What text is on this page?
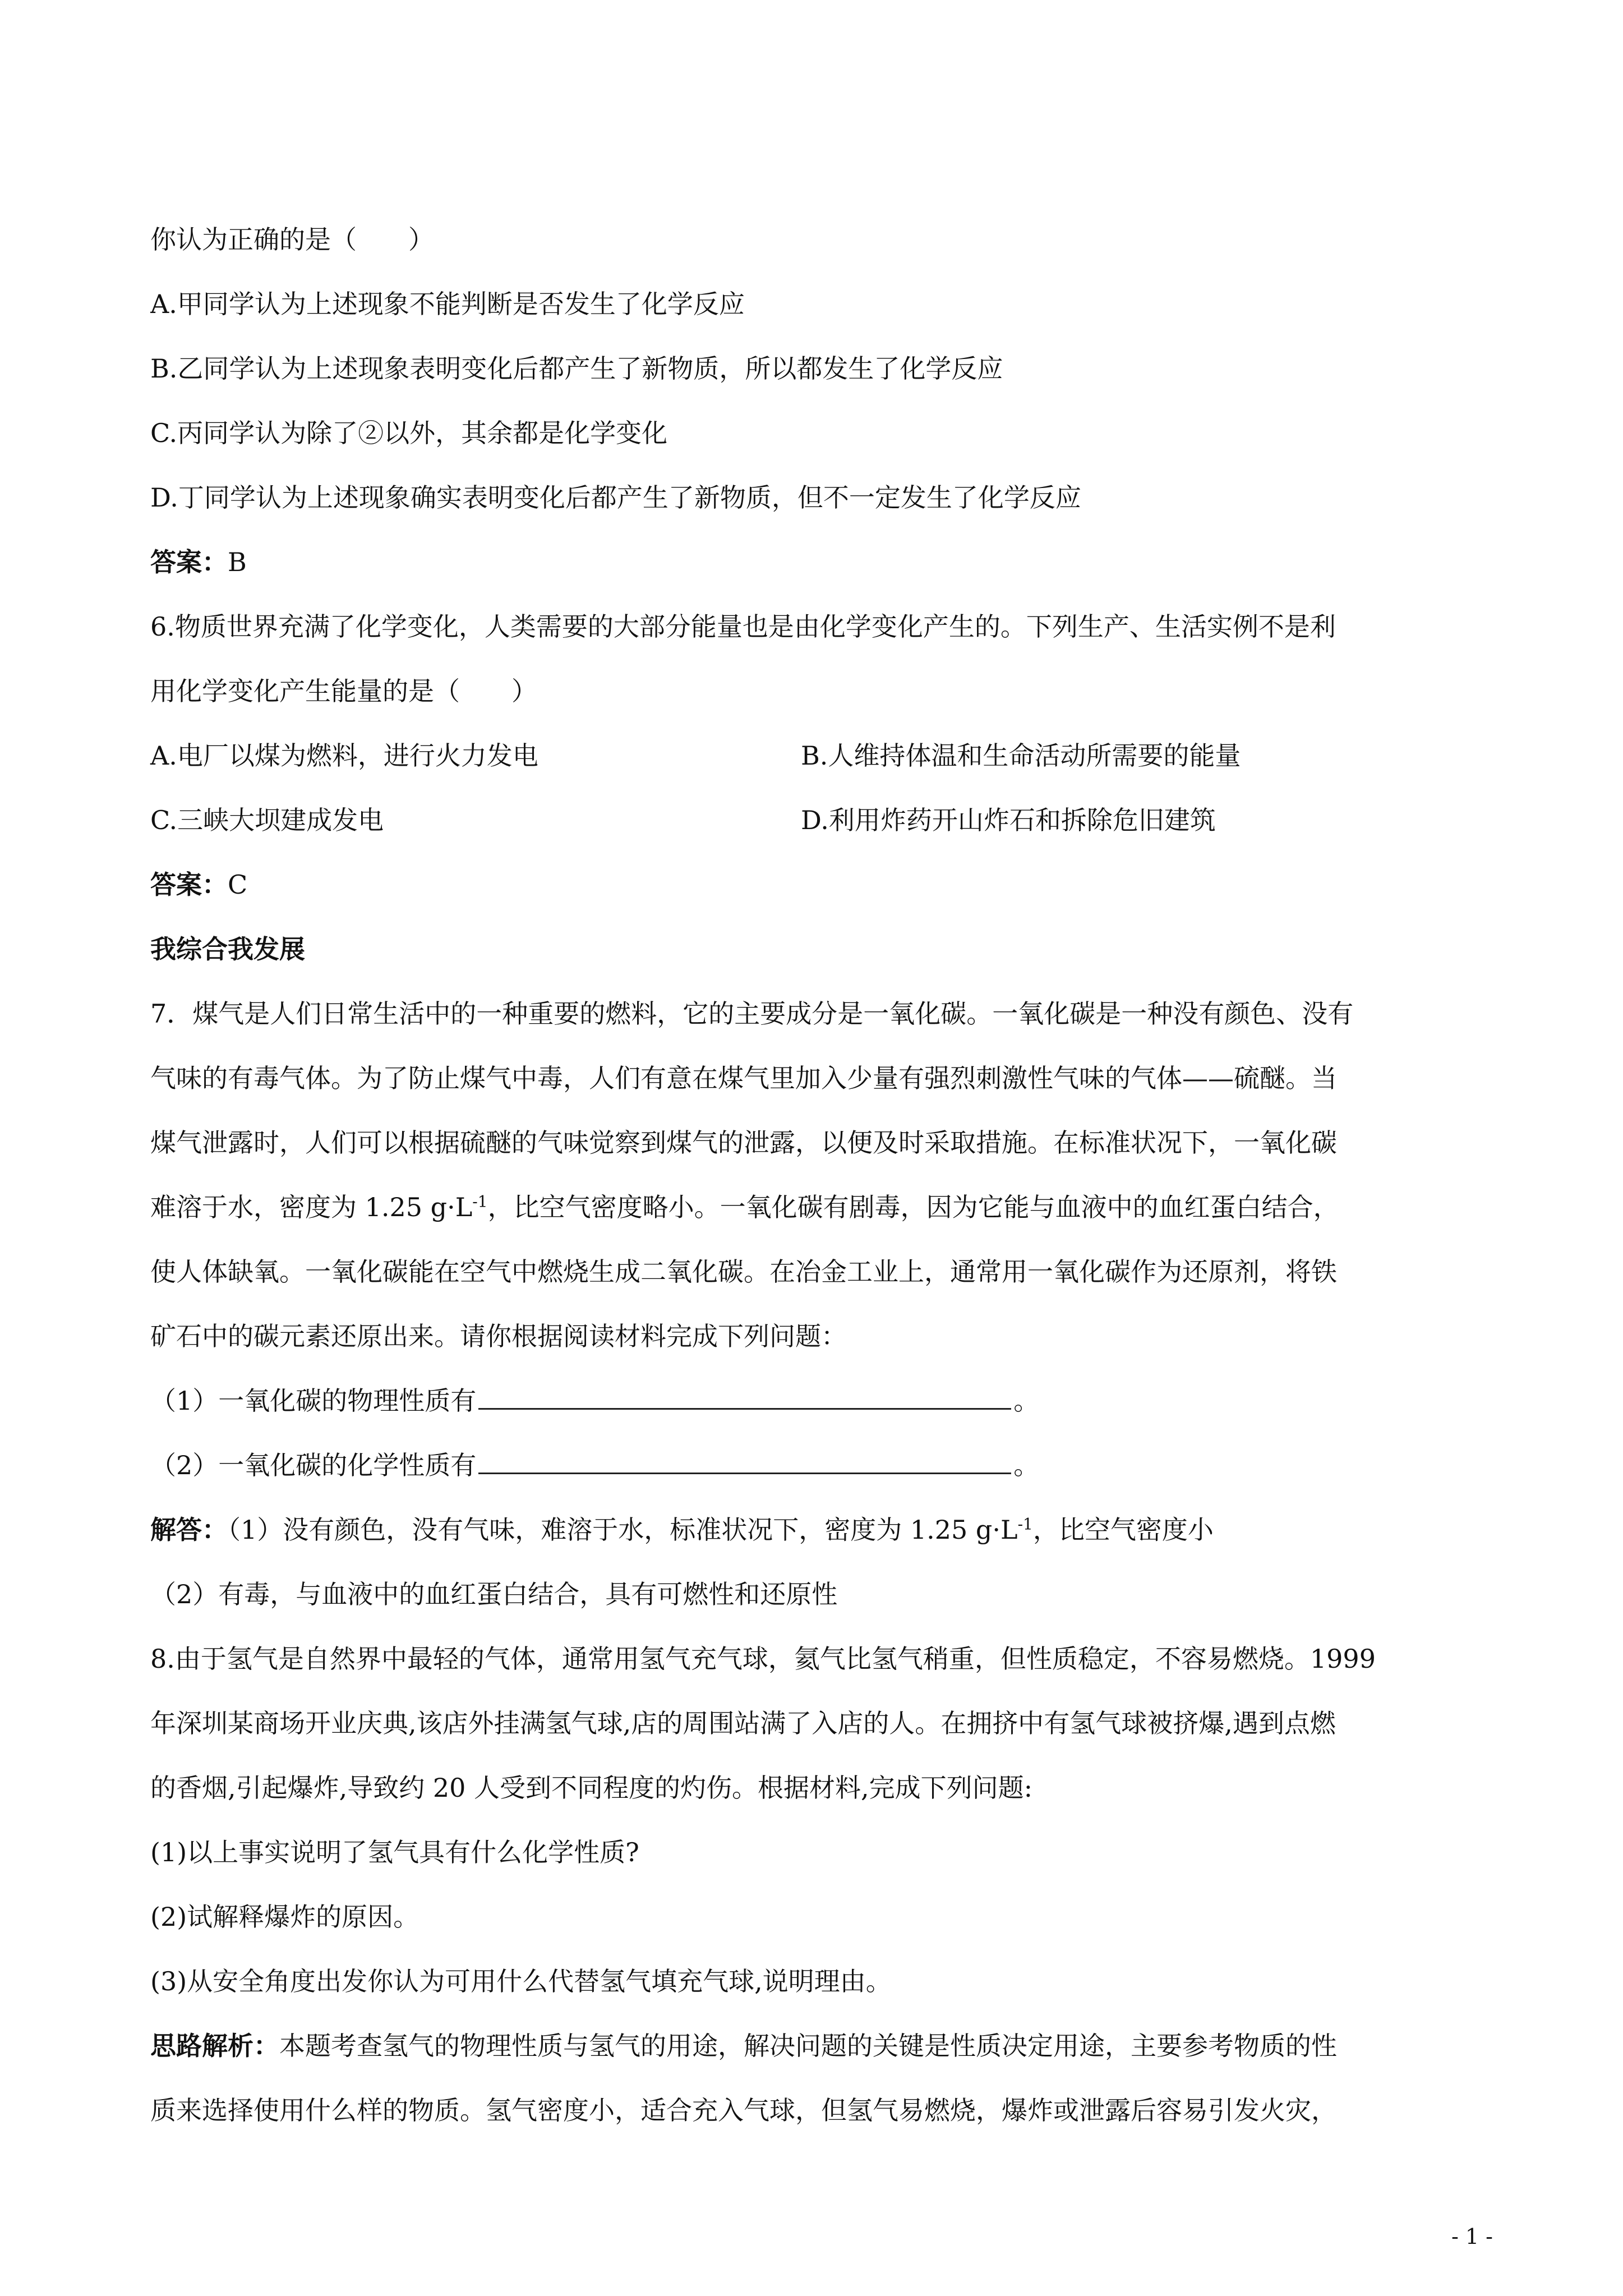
你认为正确的是（　　）
A.甲同学认为上述现象不能判断是否发生了化学反应
B.乙同学认为上述现象表明变化后都产生了新物质，所以都发生了化学反应
C.丙同学认为除了②以外，其余都是化学变化
D.丁同学认为上述现象确实表明变化后都产生了新物质，但不一定发生了化学反应
答案：B
6.物质世界充满了化学变化，人类需要的大部分能量也是由化学变化产生的。下列生产、生活实例不是利
用化学变化产生能量的是（　　）
A.电厂以煤为燃料，进行火力发电	B.人维持体温和生命活动所需要的能量
C.三峡大坝建成发电	D.利用炸药开山炸石和拆除危旧建筑
答案：C
我综合我发展
7．煤气是人们日常生活中的一种重要的燃料，它的主要成分是一氧化碳。一氧化碳是一种没有颜色、没有
气味的有毒气体。为了防止煤气中毒，人们有意在煤气里加入少量有强烈刺激性气味的气体——硫醚。当
煤气泄露时，人们可以根据硫醚的气味觉察到煤气的泄露，以便及时采取措施。在标准状况下，一氧化碳
难溶于水，密度为 1.25 $g\cdot L^{-1}$，比空气密度略小。一氧化碳有剧毒，因为它能与血液中的血红蛋白结合，
使人体缺氧。一氧化碳能在空气中燃烧生成二氧化碳。在冶金工业上，通常用一氧化碳作为还原剂，将铁
矿石中的碳元素还原出来。请你根据阅读材料完成下列问题：
（1）一氧化碳的物理性质有	。
（2）一氧化碳的化学性质有	。
解答：（1）没有颜色，没有气味，难溶于水，标准状况下，密度为 1.25 $g\cdot L^{-1}$，比空气密度小
（2）有毒，与血液中的血红蛋白结合，具有可燃性和还原性
8.由于氢气是自然界中最轻的气体，通常用氢气充气球，氦气比氢气稍重，但性质稳定，不容易燃烧。1999
年深圳某商场开业庆典,该店外挂满氢气球,店的周围站满了入店的人。在拥挤中有氢气球被挤爆,遇到点燃
的香烟,引起爆炸,导致约 20 人受到不同程度的灼伤。根据材料,完成下列问题:
(1)以上事实说明了氢气具有什么化学性质?
(2)试解释爆炸的原因。
(3)从安全角度出发你认为可用什么代替氢气填充气球,说明理由。
思路解析：本题考查氢气的物理性质与氢气的用途，解决问题的关键是性质决定用途，主要参考物质的性
质来选择使用什么样的物质。氢气密度小，适合充入气球，但氢气易燃烧，爆炸或泄露后容易引发火灾，
- 1 -
